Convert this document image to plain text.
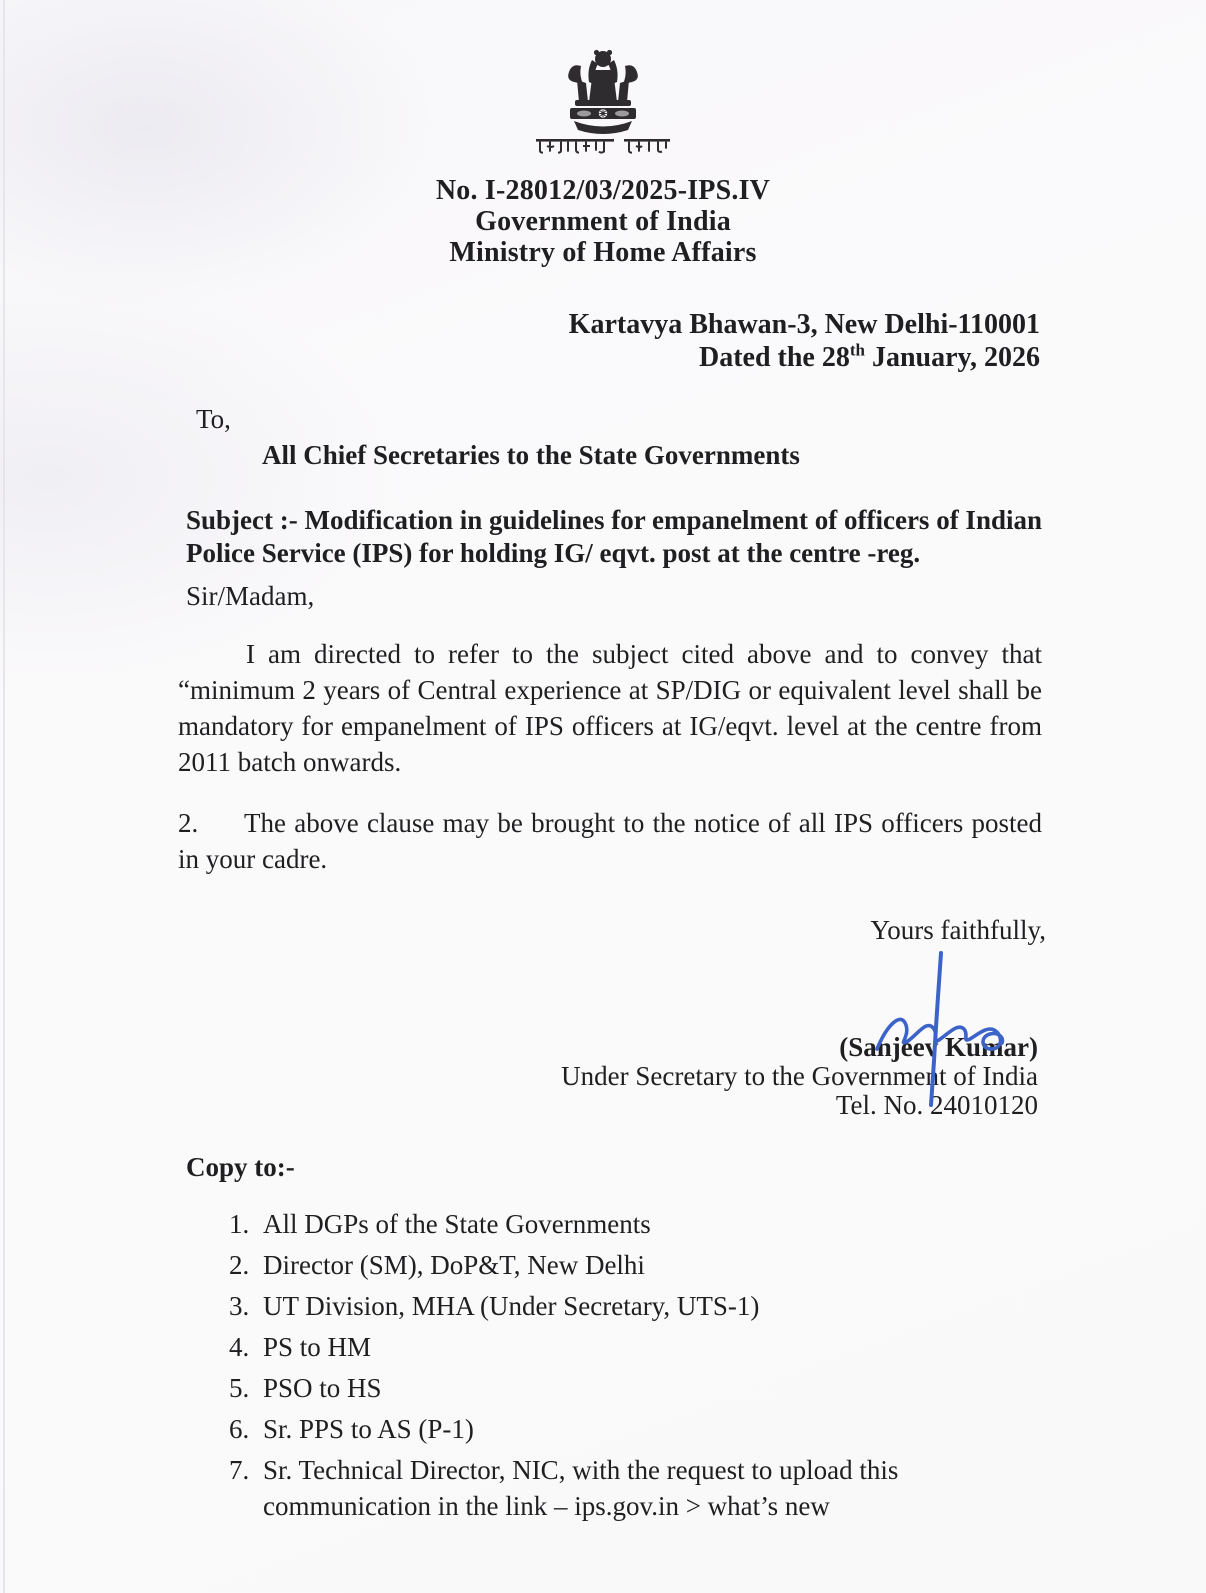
No. I-28012/03/2025-IPS.IV
Government of India
Ministry of Home Affairs
Kartavya Bhawan-3, New Delhi-110001
Dated the 28th January, 2026
To,
All Chief Secretaries to the State Governments
Subject :- Modification in guidelines for empanelment of officers of Indian Police Service (IPS) for holding IG/ eqvt. post at the centre -reg.
Sir/Madam,

I am directed to refer to the subject cited above and to convey that “minimum 2 years of Central experience at SP/DIG or equivalent level shall be mandatory for empanelment of IPS officers at IG/eqvt. level at the centre from 2011 batch onwards.

2. The above clause may be brought to the notice of all IPS officers posted in your cadre.

Yours faithfully,
(Sanjeev Kumar)
Under Secretary to the Government of India
Tel. No. 24010120
Copy to:-
1. All DGPs of the State Governments
2. Director (SM), DoP&T, New Delhi
3. UT Division, MHA (Under Secretary, UTS-1)
4. PS to HM
5. PSO to HS
6. Sr. PPS to AS (P-1)
7. Sr. Technical Director, NIC, with the request to upload this communication in the link – ips.gov.in > what’s new
